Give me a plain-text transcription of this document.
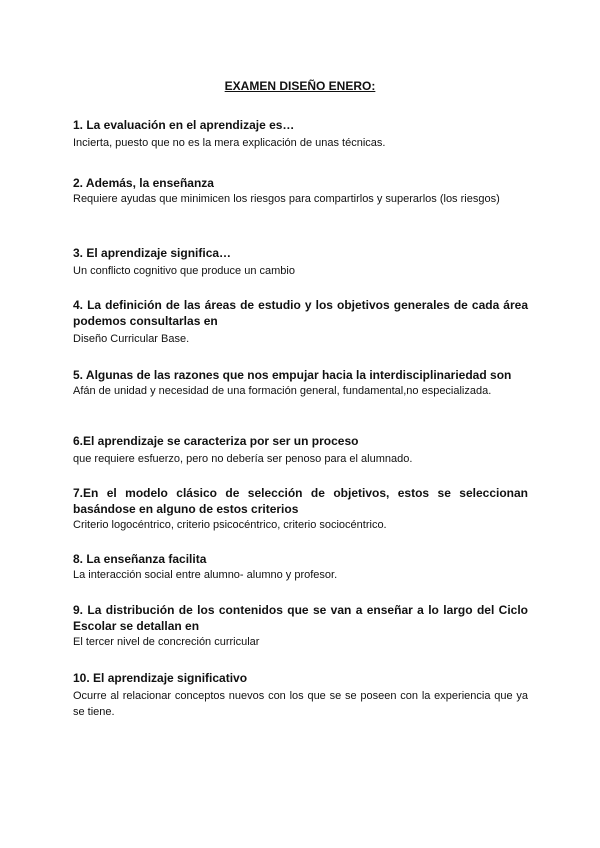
EXAMEN DISEÑO ENERO:

1. La evaluación en el aprendizaje es…

Incierta, puesto que no es la mera explicación de unas técnicas.

2. Además, la enseñanza

Requiere ayudas que minimicen los riesgos para compartirlos y superarlos (los riesgos)

3. El aprendizaje significa…

Un conflicto cognitivo que produce un cambio

4. La definición de las áreas de estudio y los objetivos generales de cada área podemos consultarlas en

Diseño Curricular Base.

5. Algunas de las razones que nos empujar hacia la interdisciplinariedad son

Afán de unidad y necesidad de una formación general, fundamental,no especializada.

6.El aprendizaje se caracteriza por ser un proceso

que requiere esfuerzo, pero no debería ser penoso para el alumnado.

7.En el modelo clásico de selección de objetivos, estos se seleccionan basándose en alguno de estos criterios

Criterio logocéntrico, criterio psicocéntrico, criterio sociocéntrico.

8. La enseñanza facilita

La interacción social entre alumno- alumno y profesor.

9. La distribución de los contenidos que se van a enseñar a lo largo del Ciclo Escolar se detallan en

El tercer nivel de concreción curricular

10. El aprendizaje significativo

Ocurre al relacionar conceptos nuevos con los que se se poseen con la experiencia que ya se tiene.
